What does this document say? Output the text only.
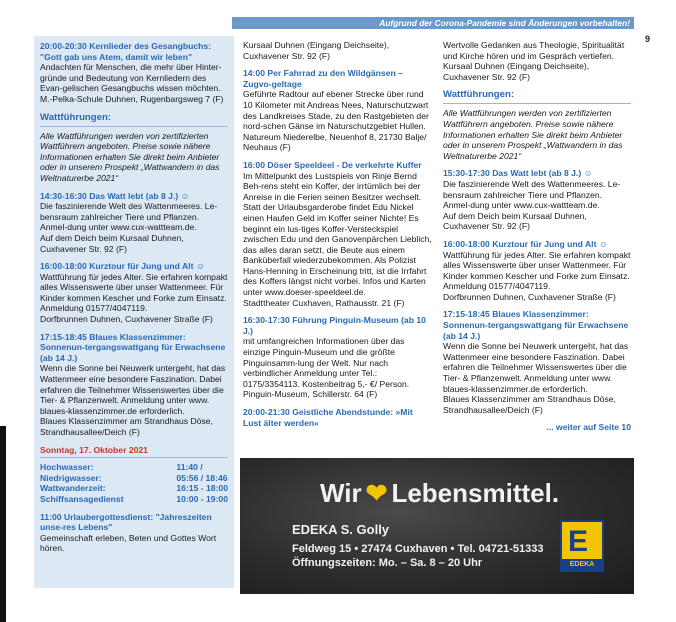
Aufgrund der Corona-Pandemie sind Änderungen vorbehalten!
9
20:00-20:30 Kernlieder des Gesangbuchs: "Gott gab uns Atem, damit wir leben"
Andachten für Menschen, die mehr über Hinter-gründe und Bedeutung von Kernliedern des Evan-gelischen Gesangbuchs wissen möchten.
M.-Pelka-Schule Duhnen, Rugenbargsweg 7 (F)
Wattführungen:
Alle Wattführungen werden von zertifizierten Wattführern angeboten. Preise sowie nähere Informationen erhalten Sie direkt beim Anbieter oder in unserem Prospekt „Wattwandern in das Weltnaturerbe 2021“
14:30-16:30 Das Watt lebt (ab 8 J.) ☺
Die faszinierende Welt des Wattenmeeres. Le-bensraum zahlreicher Tiere und Pflanzen. Anmel-dung unter www.cux-wattteam.de.
Auf dem Deich beim Kursaal Duhnen, Cuxhavener Str. 92 (F)
16:00-18:00 Kurztour für Jung und Alt ☺
Wattführung für jedes Alter. Sie erfahren kompakt alles Wissenswerte über unser Wattenmeer. Für Kinder kommen Kescher und Forke zum Einsatz. Anmeldung 01577/4047119.
Dorfbrunnen Duhnen, Cuxhavener Straße (F)
17:15-18:45 Blaues Klassenzimmer: Sonnenun-tergangswattgang für Erwachsene (ab 14 J.)
Wenn die Sonne bei Neuwerk untergeht, hat das Wattenmeer eine besondere Faszination. Dabei erfahren die Teilnehmer Wissenswertes über die Tier- & Pflanzenwelt. Anmeldung unter www. blaues-klassenzimmer.de erforderlich.
Blaues Klassenzimmer am Strandhaus Döse, Strandhausallee/Deich (F)
Sonntag, 17. Oktober 2021
Hochwasser:	11:40 /
Niedrigwasser:	05:56 / 18:46
Wattwanderzeit:	16:15 - 18:00
Schiffsansagedienst	10:00 - 19:00
11:00 Urlaubergottesdienst: "Jahreszeiten unse-res Lebens"
Gemeinschaft erleben, Beten und Gottes Wort hören.
Kursaal Duhnen (Eingang Deichseite), Cuxhavener Str. 92 (F)
14:00 Per Fahrrad zu den Wildgänsen – Zugvo-geltage
Geführte Radtour auf ebener Strecke über rund 10 Kilometer mit Andreas Nees, Naturschutzwart des Landkreises Stade, zu den Rastgebieten der nord-schen Gänse im Naturschutzgebiet Hullen.
Natureum Niederelbe, Neuenhof 8, 21730 Balje/ Neuhaus (F)
16:00 Döser Speeldeel - De verkehrte Kuffer
Im Mittelpunkt des Lustspiels von Rinje Bernd Beh-rens steht ein Koffer, der irrtümlich bei der Anreise in die Ferien seinen Besitzer wechselt. Statt der Urlaubsgarderobe findet Edu Nickel einen Haufen Geld im Koffer seiner Nichte! Es beginnt ein lus-tiges Koffer-Versteckspiel zwischen Edu und den Ganovenpärchen Lieblich, das alles daran setzt, die Beute aus einem Banküberfall wiederzubekommen. Als Polizist Hans-Henning in Erscheinung tritt, ist die Irrfahrt des Koffers längst nicht vorbei. Infos und Karten unter www.doeser-speeldeel.de.
Stadttheater Cuxhaven, Rathausstr. 21 (F)
16:30-17:30 Führung Pinguin-Museum (ab 10 J.)
mit umfangreichen Informationen über das einzige Pinguin-Museum und die größte Pinguinsamm-lung der Welt. Nur nach verbindlicher Anmeldung unter Tel.: 0175/3354113. Kostenbeitrag 5,- €/ Person.
Pinguin-Museum, Schillerstr. 64 (F)
20:00-21:30 Geistliche Abendstunde: »Mit Lust älter werden«
Wertvolle Gedanken aus Theologie, Spiritualität und Kirche hören und im Gespräch vertiefen. Kursaal Duhnen (Eingang Deichseite), Cuxhavener Str. 92 (F)
Wattführungen:
Alle Wattführungen werden von zertifizierten Wattführern angeboten. Preise sowie nähere Informationen erhalten Sie direkt beim Anbieter oder in unserem Prospekt „Wattwandern in das Weltnaturerbe 2021“
15:30-17:30 Das Watt lebt (ab 8 J.) ☺
Die faszinierende Welt des Wattenmeeres. Le-bensraum zahlreicher Tiere und Pflanzen. Anmel-dung unter www.cux-wattteam.de.
Auf dem Deich beim Kursaal Duhnen, Cuxhavener Str. 92 (F)
16:00-18:00 Kurztour für Jung und Alt ☺
Wattführung für jedes Alter. Sie erfahren kompakt alles Wissenswerte über unser Wattenmeer. Für Kinder kommen Kescher und Forke zum Einsatz. Anmeldung 01577/4047119.
Dorfbrunnen Duhnen, Cuxhavener Straße (F)
17:15-18:45 Blaues Klassenzimmer: Sonnenun-tergangswattgang für Erwachsene (ab 14 J.)
Wenn die Sonne bei Neuwerk untergeht, hat das Wattenmeer eine besondere Faszination. Dabei erfahren die Teilnehmer Wissenswertes über die Tier- & Pflanzenwelt. Anmeldung unter www. blaues-klassenzimmer.de erforderlich.
Blaues Klassenzimmer am Strandhaus Döse, Strandhausallee/Deich (F)
... weiter auf Seite 10
Wir ❤ Lebensmittel.
EDEKA S. Golly
Feldweg 15 • 27474 Cuxhaven • Tel. 04721-51333
Öffnungszeiten: Mo. – Sa. 8 – 20 Uhr
E
EDEKA
